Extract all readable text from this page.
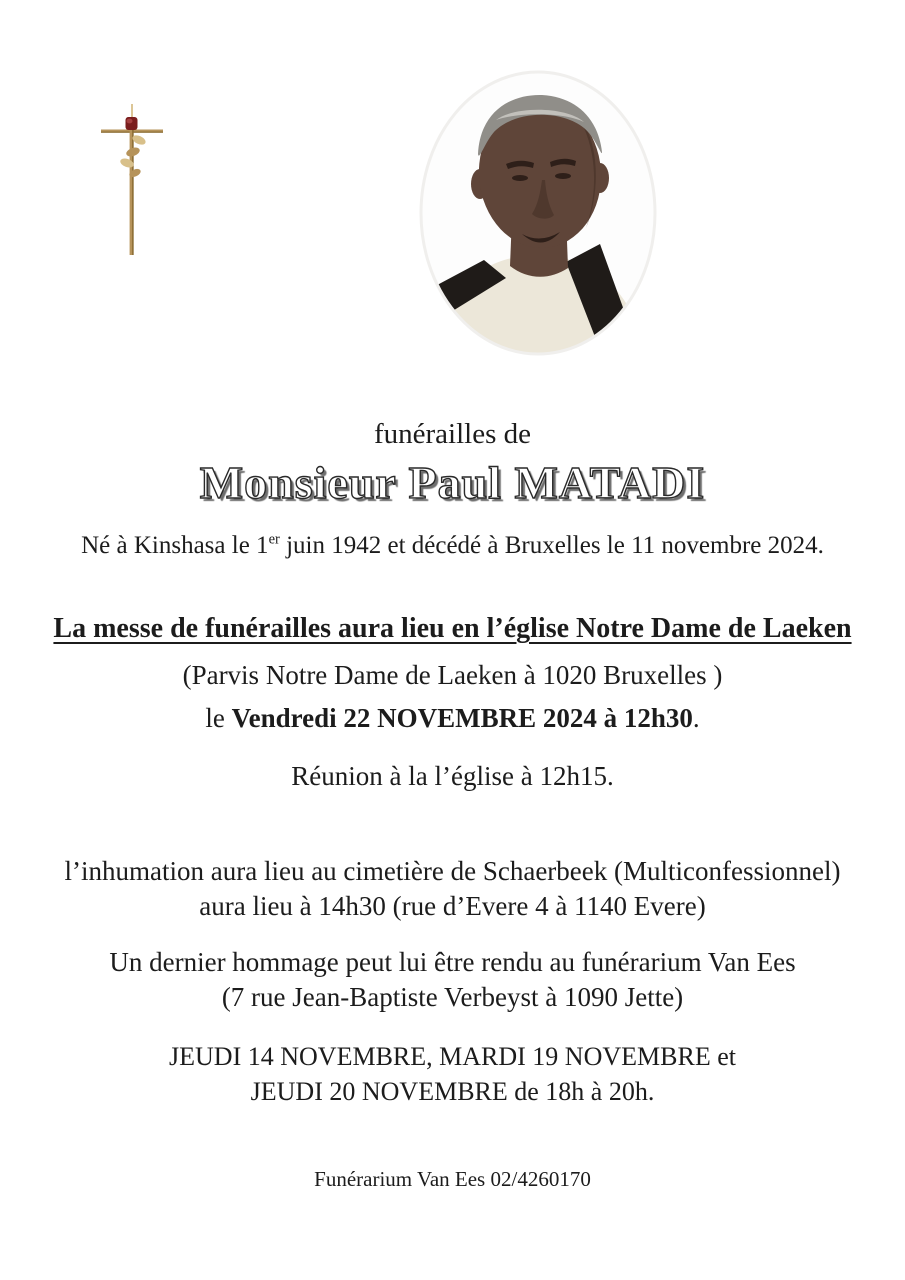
funérailles de
Monsieur Paul MATADI
Né à Kinshasa le 1er juin 1942 et décédé à Bruxelles le 11 novembre 2024.
La messe de funérailles aura lieu en l’église Notre Dame de Laeken
(Parvis Notre Dame de Laeken à 1020 Bruxelles )
le Vendredi 22 NOVEMBRE 2024 à 12h30.
Réunion à la l’église à 12h15.
l’inhumation aura lieu au cimetière de Schaerbeek (Multiconfessionnel)
aura lieu à 14h30 (rue d’Evere 4 à 1140 Evere)
Un dernier hommage peut lui être rendu au funérarium Van Ees
(7 rue Jean-Baptiste Verbeyst à 1090 Jette)
JEUDI 14 NOVEMBRE, MARDI 19 NOVEMBRE et
JEUDI 20 NOVEMBRE de 18h à 20h.
Funérarium Van Ees 02/4260170
